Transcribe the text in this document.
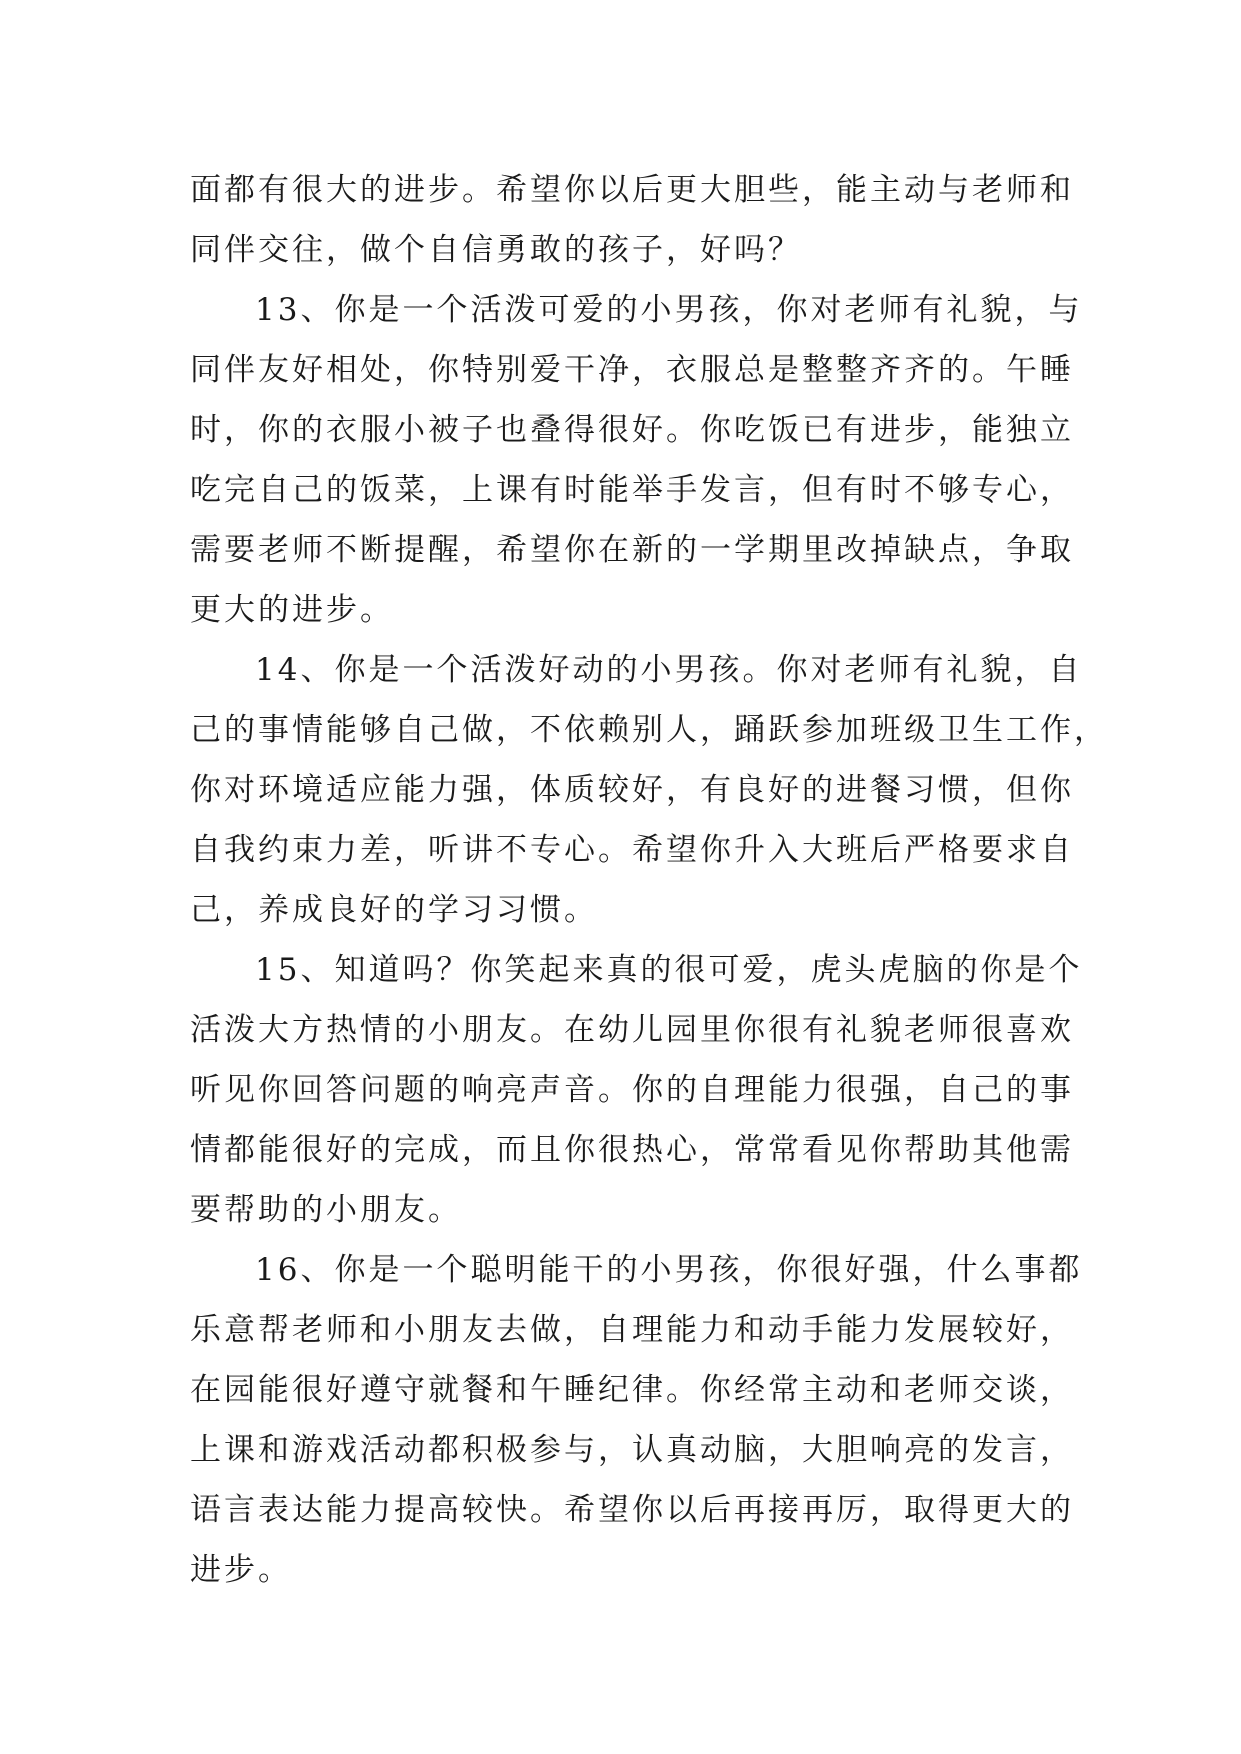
面都有很大的进步。希望你以后更大胆些，能主动与老师和
同伴交往，做个自信勇敢的孩子，好吗？
13、你是一个活泼可爱的小男孩，你对老师有礼貌，与
同伴友好相处，你特别爱干净，衣服总是整整齐齐的。午睡
时，你的衣服小被子也叠得很好。你吃饭已有进步，能独立
吃完自己的饭菜，上课有时能举手发言，但有时不够专心，
需要老师不断提醒，希望你在新的一学期里改掉缺点，争取
更大的进步。
14、你是一个活泼好动的小男孩。你对老师有礼貌，自
己的事情能够自己做，不依赖别人，踊跃参加班级卫生工作，
你对环境适应能力强，体质较好，有良好的进餐习惯，但你
自我约束力差，听讲不专心。希望你升入大班后严格要求自
己，养成良好的学习习惯。
15、知道吗？你笑起来真的很可爱，虎头虎脑的你是个
活泼大方热情的小朋友。在幼儿园里你很有礼貌老师很喜欢
听见你回答问题的响亮声音。你的自理能力很强，自己的事
情都能很好的完成，而且你很热心，常常看见你帮助其他需
要帮助的小朋友。
16、你是一个聪明能干的小男孩，你很好强，什么事都
乐意帮老师和小朋友去做，自理能力和动手能力发展较好，
在园能很好遵守就餐和午睡纪律。你经常主动和老师交谈，
上课和游戏活动都积极参与，认真动脑，大胆响亮的发言，
语言表达能力提高较快。希望你以后再接再厉，取得更大的
进步。
